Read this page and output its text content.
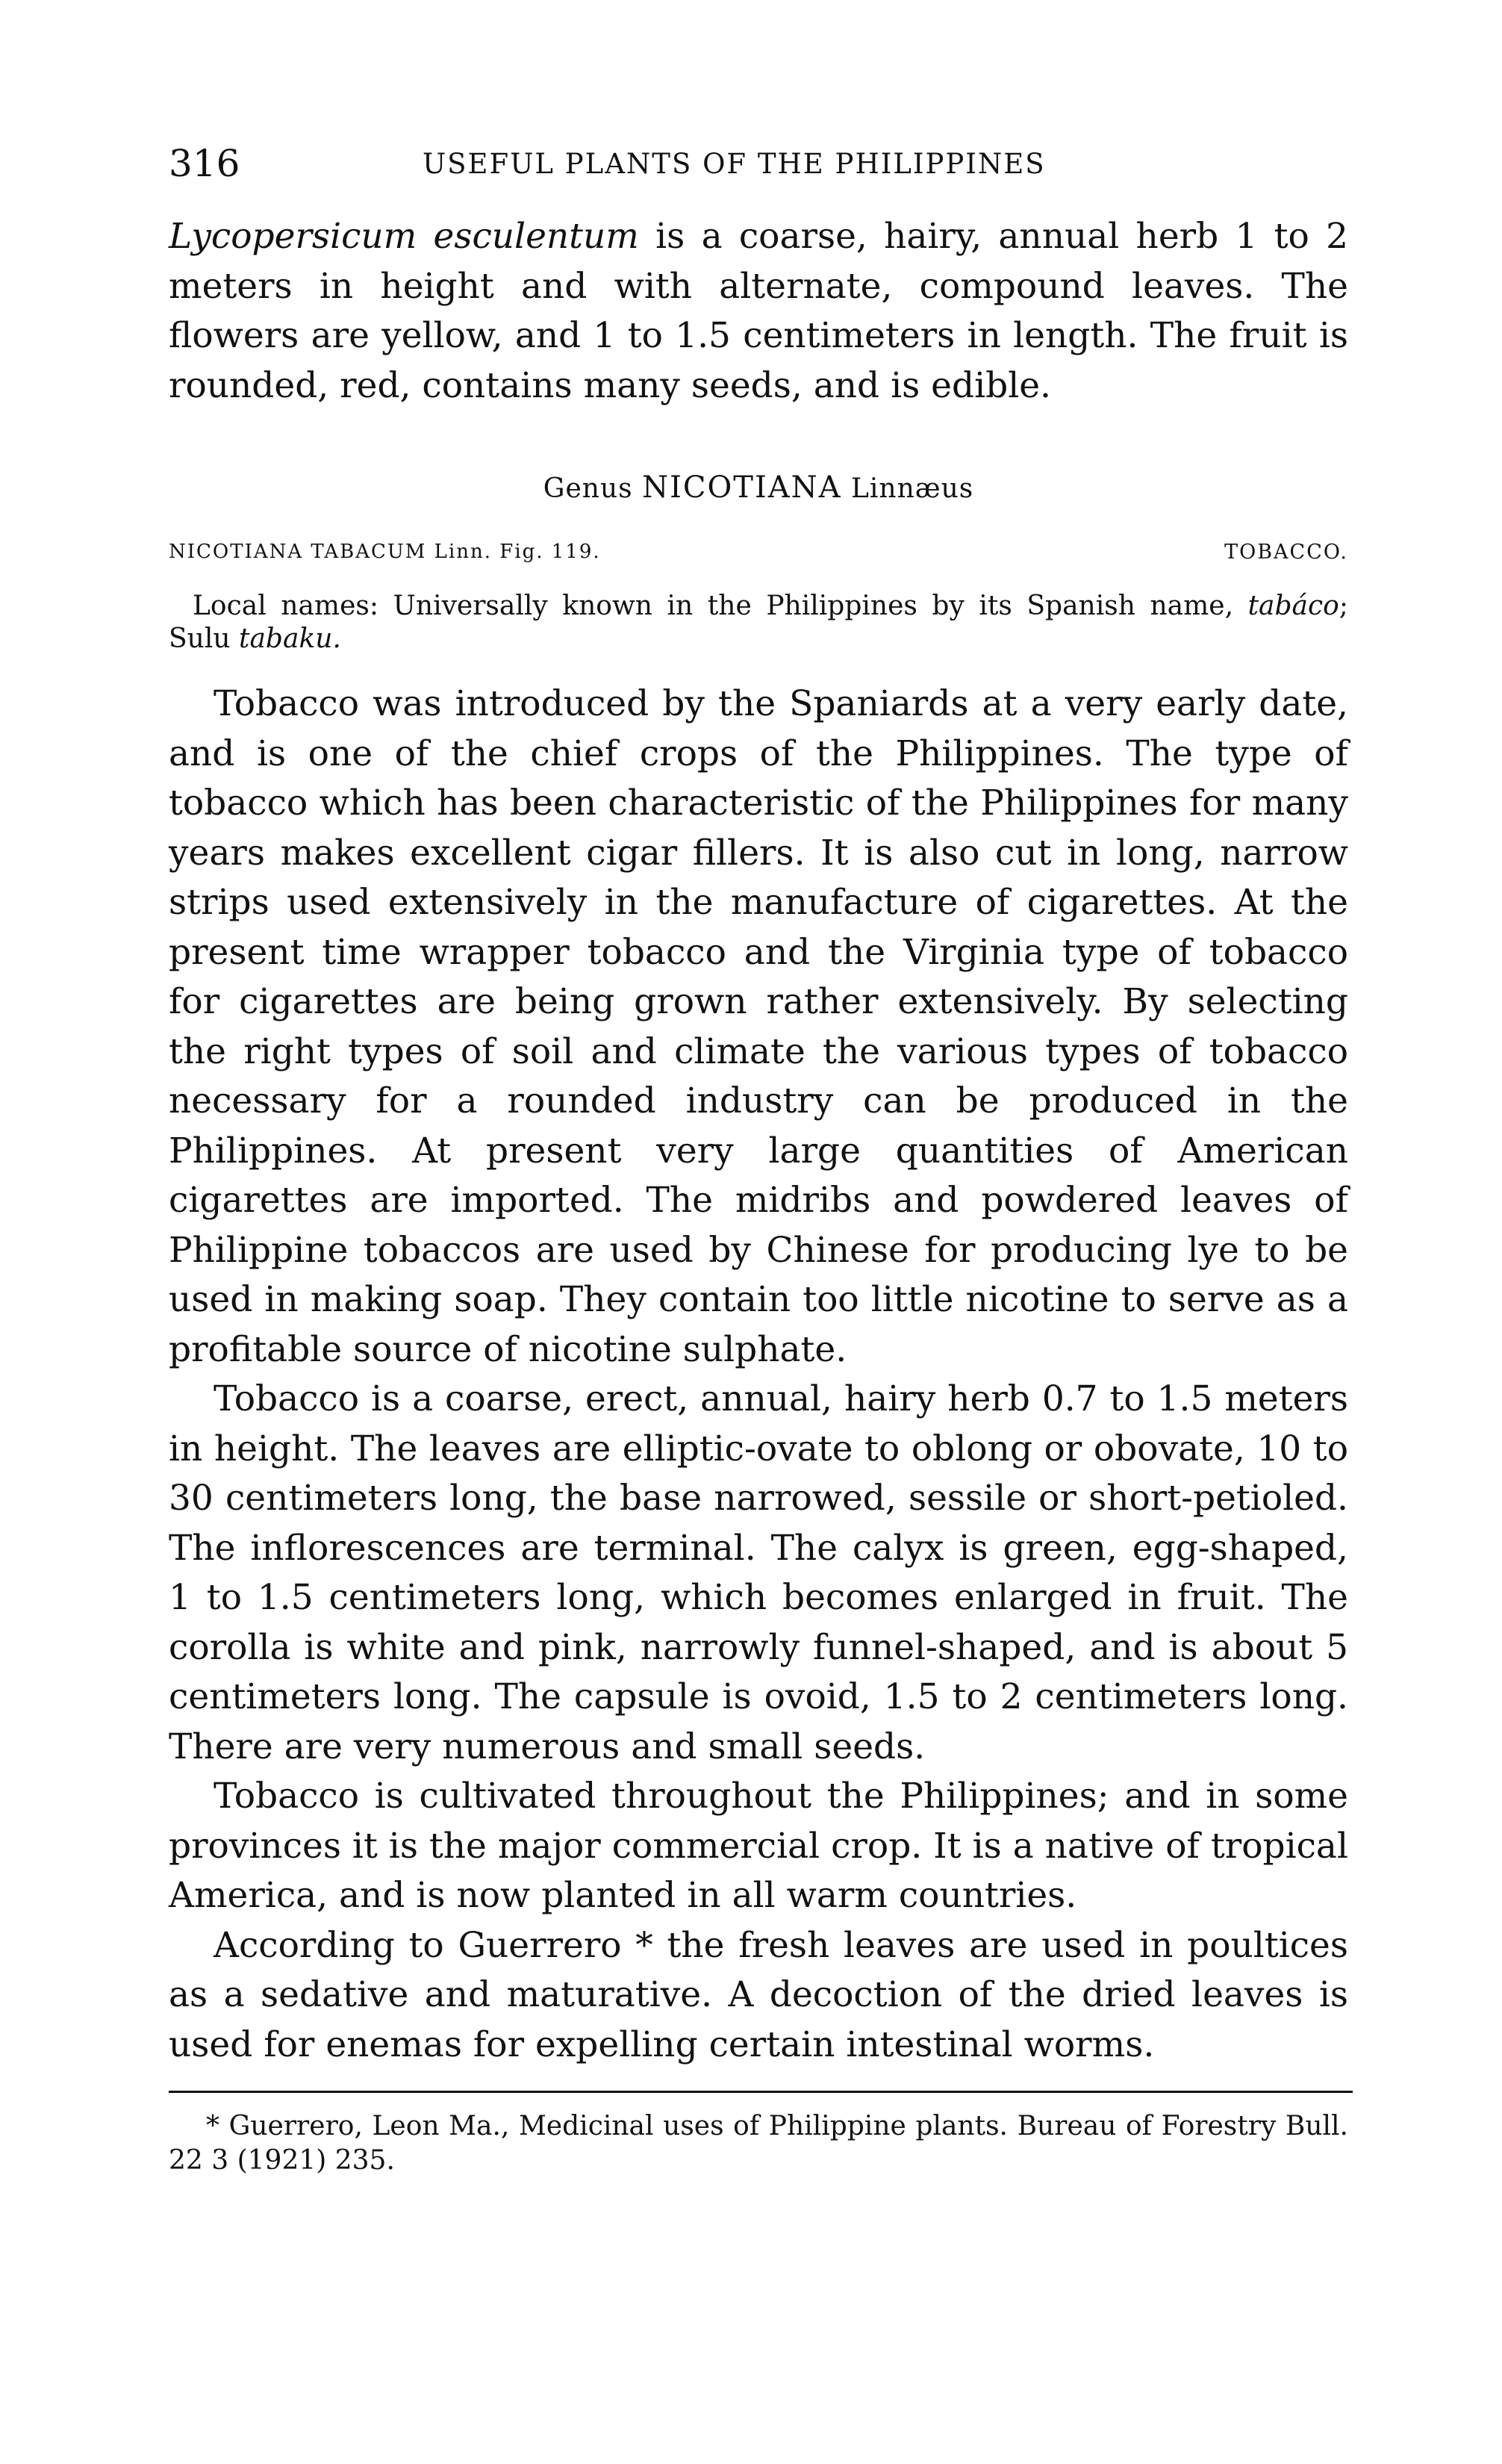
316	USEFUL PLANTS OF THE PHILIPPINES

Lycopersicum esculentum is a coarse, hairy, annual herb 1 to 2 meters in height and with alternate, compound leaves. The flowers are yellow, and 1 to 1.5 centimeters in length. The fruit is rounded, red, contains many seeds, and is edible.

Genus NICOTIANA Linnæus
NICOTIANA TABACUM Linn. Fig. 119.	TOBACCO.

Local names: Universally known in the Philippines by its Spanish name, tabáco; Sulu tabaku.

Tobacco was introduced by the Spaniards at a very early date, and is one of the chief crops of the Philippines. The type of tobacco which has been characteristic of the Philippines for many years makes excellent cigar fillers. It is also cut in long, narrow strips used extensively in the manufacture of cigarettes. At the present time wrapper tobacco and the Virginia type of tobacco for cigarettes are being grown rather extensively. By selecting the right types of soil and climate the various types of tobacco necessary for a rounded industry can be produced in the Philippines. At present very large quantities of American cigarettes are imported. The midribs and powdered leaves of Philippine tobaccos are used by Chinese for producing lye to be used in making soap. They contain too little nicotine to serve as a profitable source of nicotine sulphate.

Tobacco is a coarse, erect, annual, hairy herb 0.7 to 1.5 meters in height. The leaves are elliptic-ovate to oblong or obovate, 10 to 30 centimeters long, the base narrowed, sessile or short-petioled. The inflorescences are terminal. The calyx is green, egg-shaped, 1 to 1.5 centimeters long, which becomes enlarged in fruit. The corolla is white and pink, narrowly funnel-shaped, and is about 5 centimeters long. The capsule is ovoid, 1.5 to 2 centimeters long. There are very numerous and small seeds.

Tobacco is cultivated throughout the Philippines; and in some provinces it is the major commercial crop. It is a native of tropical America, and is now planted in all warm countries.

According to Guerrero * the fresh leaves are used in poultices as a sedative and maturative. A decoction of the dried leaves is used for enemas for expelling certain intestinal worms.

* Guerrero, Leon Ma., Medicinal uses of Philippine plants. Bureau of Forestry Bull. 22 3 (1921) 235.
